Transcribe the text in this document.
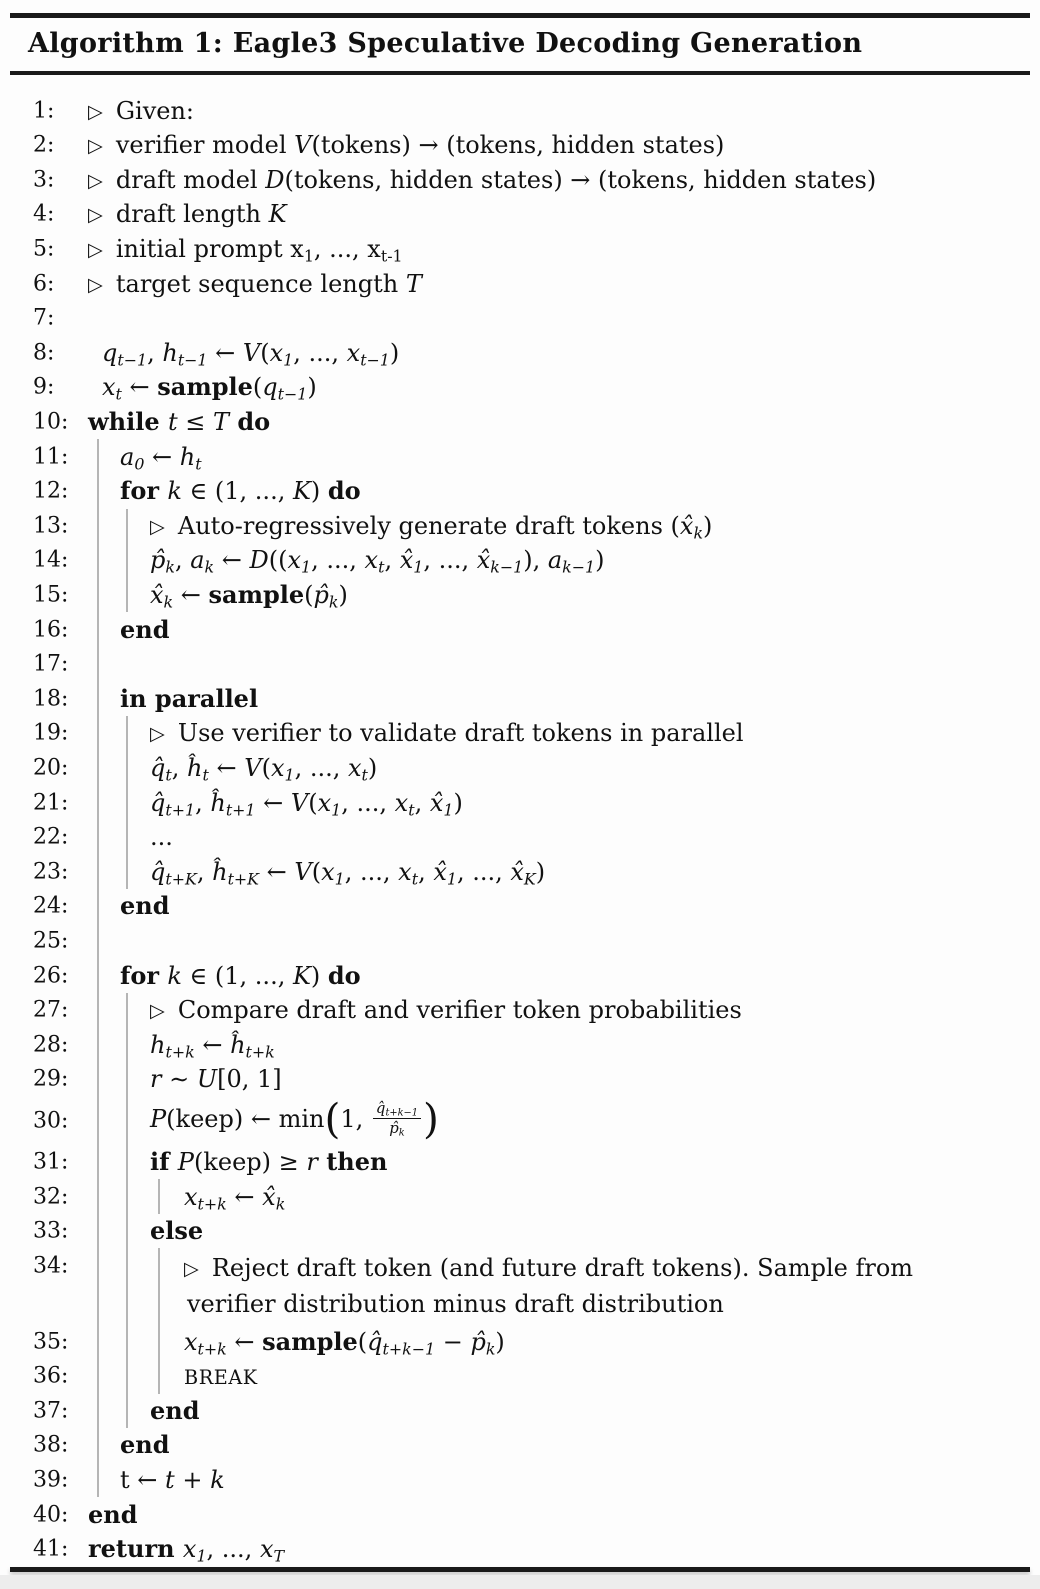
Algorithm 1: Eagle3 Speculative Decoding Generation
1: ▷ Given:
2: ▷ verifier model V(tokens) → (tokens, hidden states)
3: ▷ draft model D(tokens, hidden states) → (tokens, hidden states)
4: ▷ draft length K
5: ▷ initial prompt $x_1$, ..., $x_{t-1}$
6: ▷ target sequence length T
7:
8: $q_{t-1}$, $h_{t-1}$ ← $V(x_1$, ..., $x_{t-1}$)
9: $x_t$ ← $sample(q_{t-1})$
10: while t ≤ T do
11: $a_0$ ← $h_t$
12: for k ∈ (1, ..., K) do
13:	▷ Auto-regressively generate draft tokens $(x̂_k)$
14:	$p̂_k$, $a_k$ ← $D((x_1$, ..., $x_t$, $x̂_1$, ..., $x̂_{k-1}$), $a_{k-1}$)
15:	$x̂_k$ ← $sample(p̂_k)$
16: end
17:
18: in parallel
19:	▷ Use verifier to validate draft tokens in parallel
20:	$q̂_t$, $ĥ_t$ ← $V(x_1$, ..., $x_t$)
21:	$q̂_{t+1}$, $ĥ_{t+1}$ ← $V(x_1$, ..., $x_t$, $x̂_1$)
22:	...
23:	$q̂_{t+K}$, $ĥ_{t+K}$ ← $V(x_1$, ..., $x_t$, $x̂_1$, ..., $x̂_K$)
24: end
25:
26: for k ∈ (1, ..., K) do
27:	▷ Compare draft and verifier token probabilities
28:	$h_{t+k}$ ← $ĥ_{t+k}$
29:	r ∼ U[0, 1]
30:	P(keep) ← min(1, $\frac{q̂_{t+k-1}}{p̂_k}$ )
31:	if P(keep) ≥ r then
32:	$x_{t+k}$ ← $x̂_k$
33:	else
34:	▷ Reject draft token (and future draft tokens). Sample from
verifier distribution minus draft distribution
35:	$x_{t+k}$ ← $sample(q̂_{t+k-1}$ − $p̂_k$)
36:	BREAK
37:	end
38: end
39: t ← t + k
40: end
41: return $x_1$, ..., $x_T$
